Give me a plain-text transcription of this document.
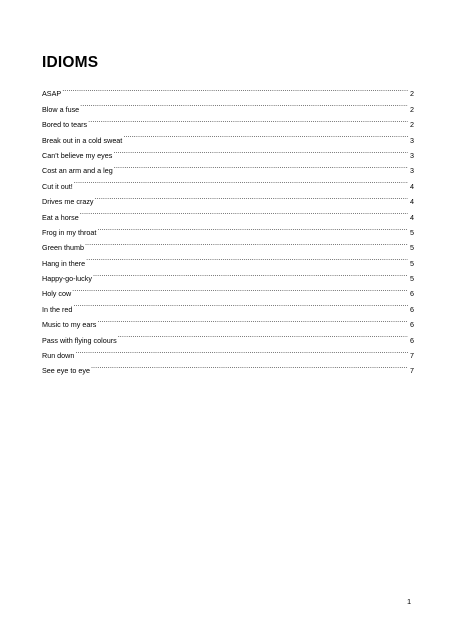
IDIOMS
ASAP .....	2
Blow a fuse .....	2
Bored to tears .....	2
Break out in a cold sweat .....	3
Can’t believe my eyes .....	3
Cost an arm and a leg .....	3
Cut it out! .....	4
Drives me crazy .....	4
Eat a horse .....	4
Frog in my throat .....	5
Green thumb .....	5
Hang in there .....	5
Happy-go-lucky .....	5
Holy cow .....	6
In the red .....	6
Music to my ears .....	6
Pass with flying colours .....	6
Run down .....	7
See eye to eye .....	7
1
